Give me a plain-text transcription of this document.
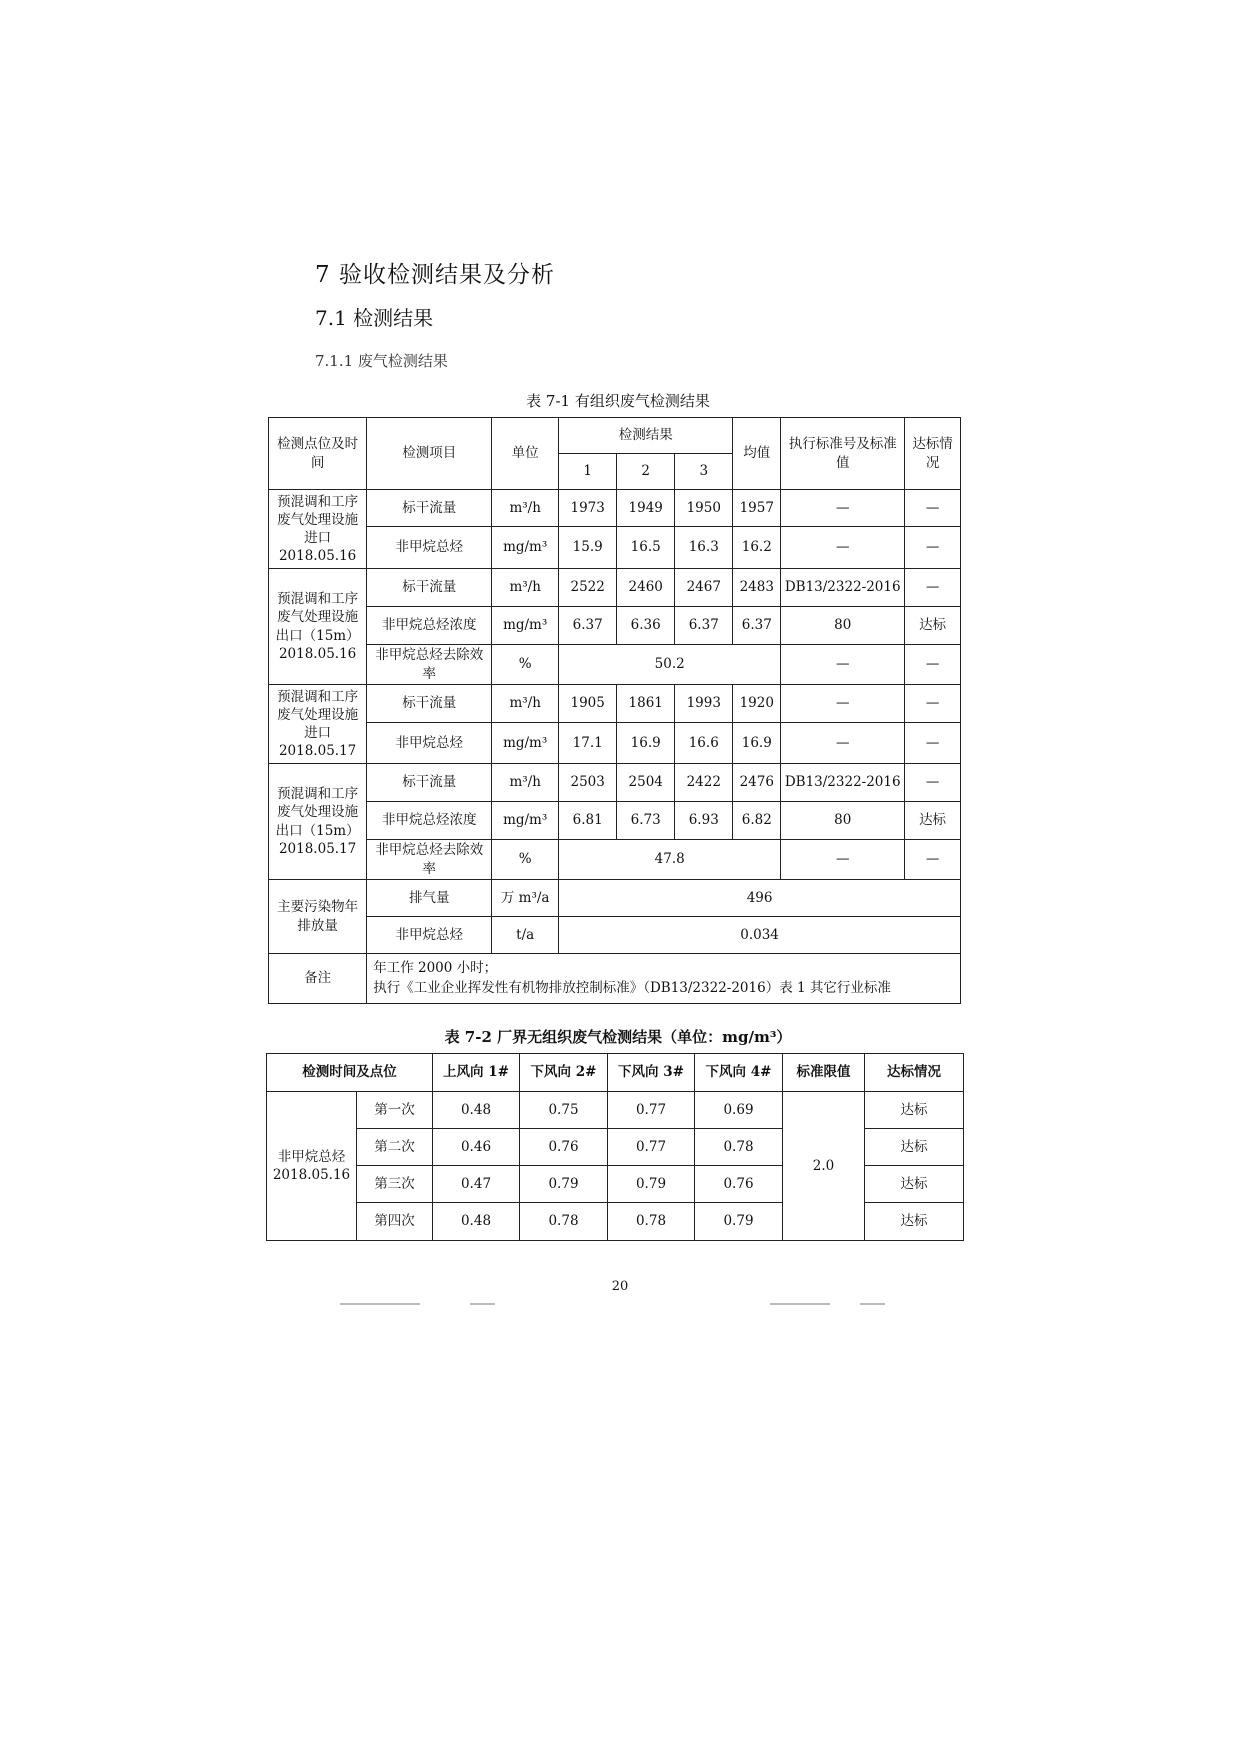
7 验收检测结果及分析
7.1 检测结果
7.1.1 废气检测结果
表 7-1 有组织废气检测结果
检测点位及时间	检测项目	单位	检测结果			均值	执行标准号及标准值	达标情况
			1	2	3			
预混调和工序废气处理设施进口2018.05.16	标干流量	m³/h	1973	1949	1950	1957	—	—
	非甲烷总烃	mg/m³	15.9	16.5	16.3	16.2	—	—
预混调和工序废气处理设施出口（15m）2018.05.16	标干流量	m³/h	2522	2460	2467	2483	DB13/2322-2016	—
	非甲烷总烃浓度	mg/m³	6.37	6.36	6.37	6.37	80	达标
	非甲烷总烃去除效率	%	50.2				—	—
预混调和工序废气处理设施进口2018.05.17	标干流量	m³/h	1905	1861	1993	1920	—	—
	非甲烷总烃	mg/m³	17.1	16.9	16.6	16.9	—	—
预混调和工序废气处理设施出口（15m）2018.05.17	标干流量	m³/h	2503	2504	2422	2476	DB13/2322-2016	—
	非甲烷总烃浓度	mg/m³	6.81	6.73	6.93	6.82	80	达标
	非甲烷总烃去除效率	%	47.8				—	—
主要污染物年排放量	排气量	万 m³/a	496					
	非甲烷总烃	t/a	0.034					
备注	年工作 2000 小时；
执行《工业企业挥发性有机物排放控制标准》（DB13/2322-2016）表 1 其它行业标准							
表 7-2 厂界无组织废气检测结果（单位：mg/m³）
检测时间及点位		上风向 1#	下风向 2#	下风向 3#	下风向 4#	标准限值	达标情况
非甲烷总烃2018.05.16	第一次	0.48	0.75	0.77	0.69	2.0	达标
	第二次	0.46	0.76	0.77	0.78		达标
	第三次	0.47	0.79	0.79	0.76		达标
	第四次	0.48	0.78	0.78	0.79		达标
20
